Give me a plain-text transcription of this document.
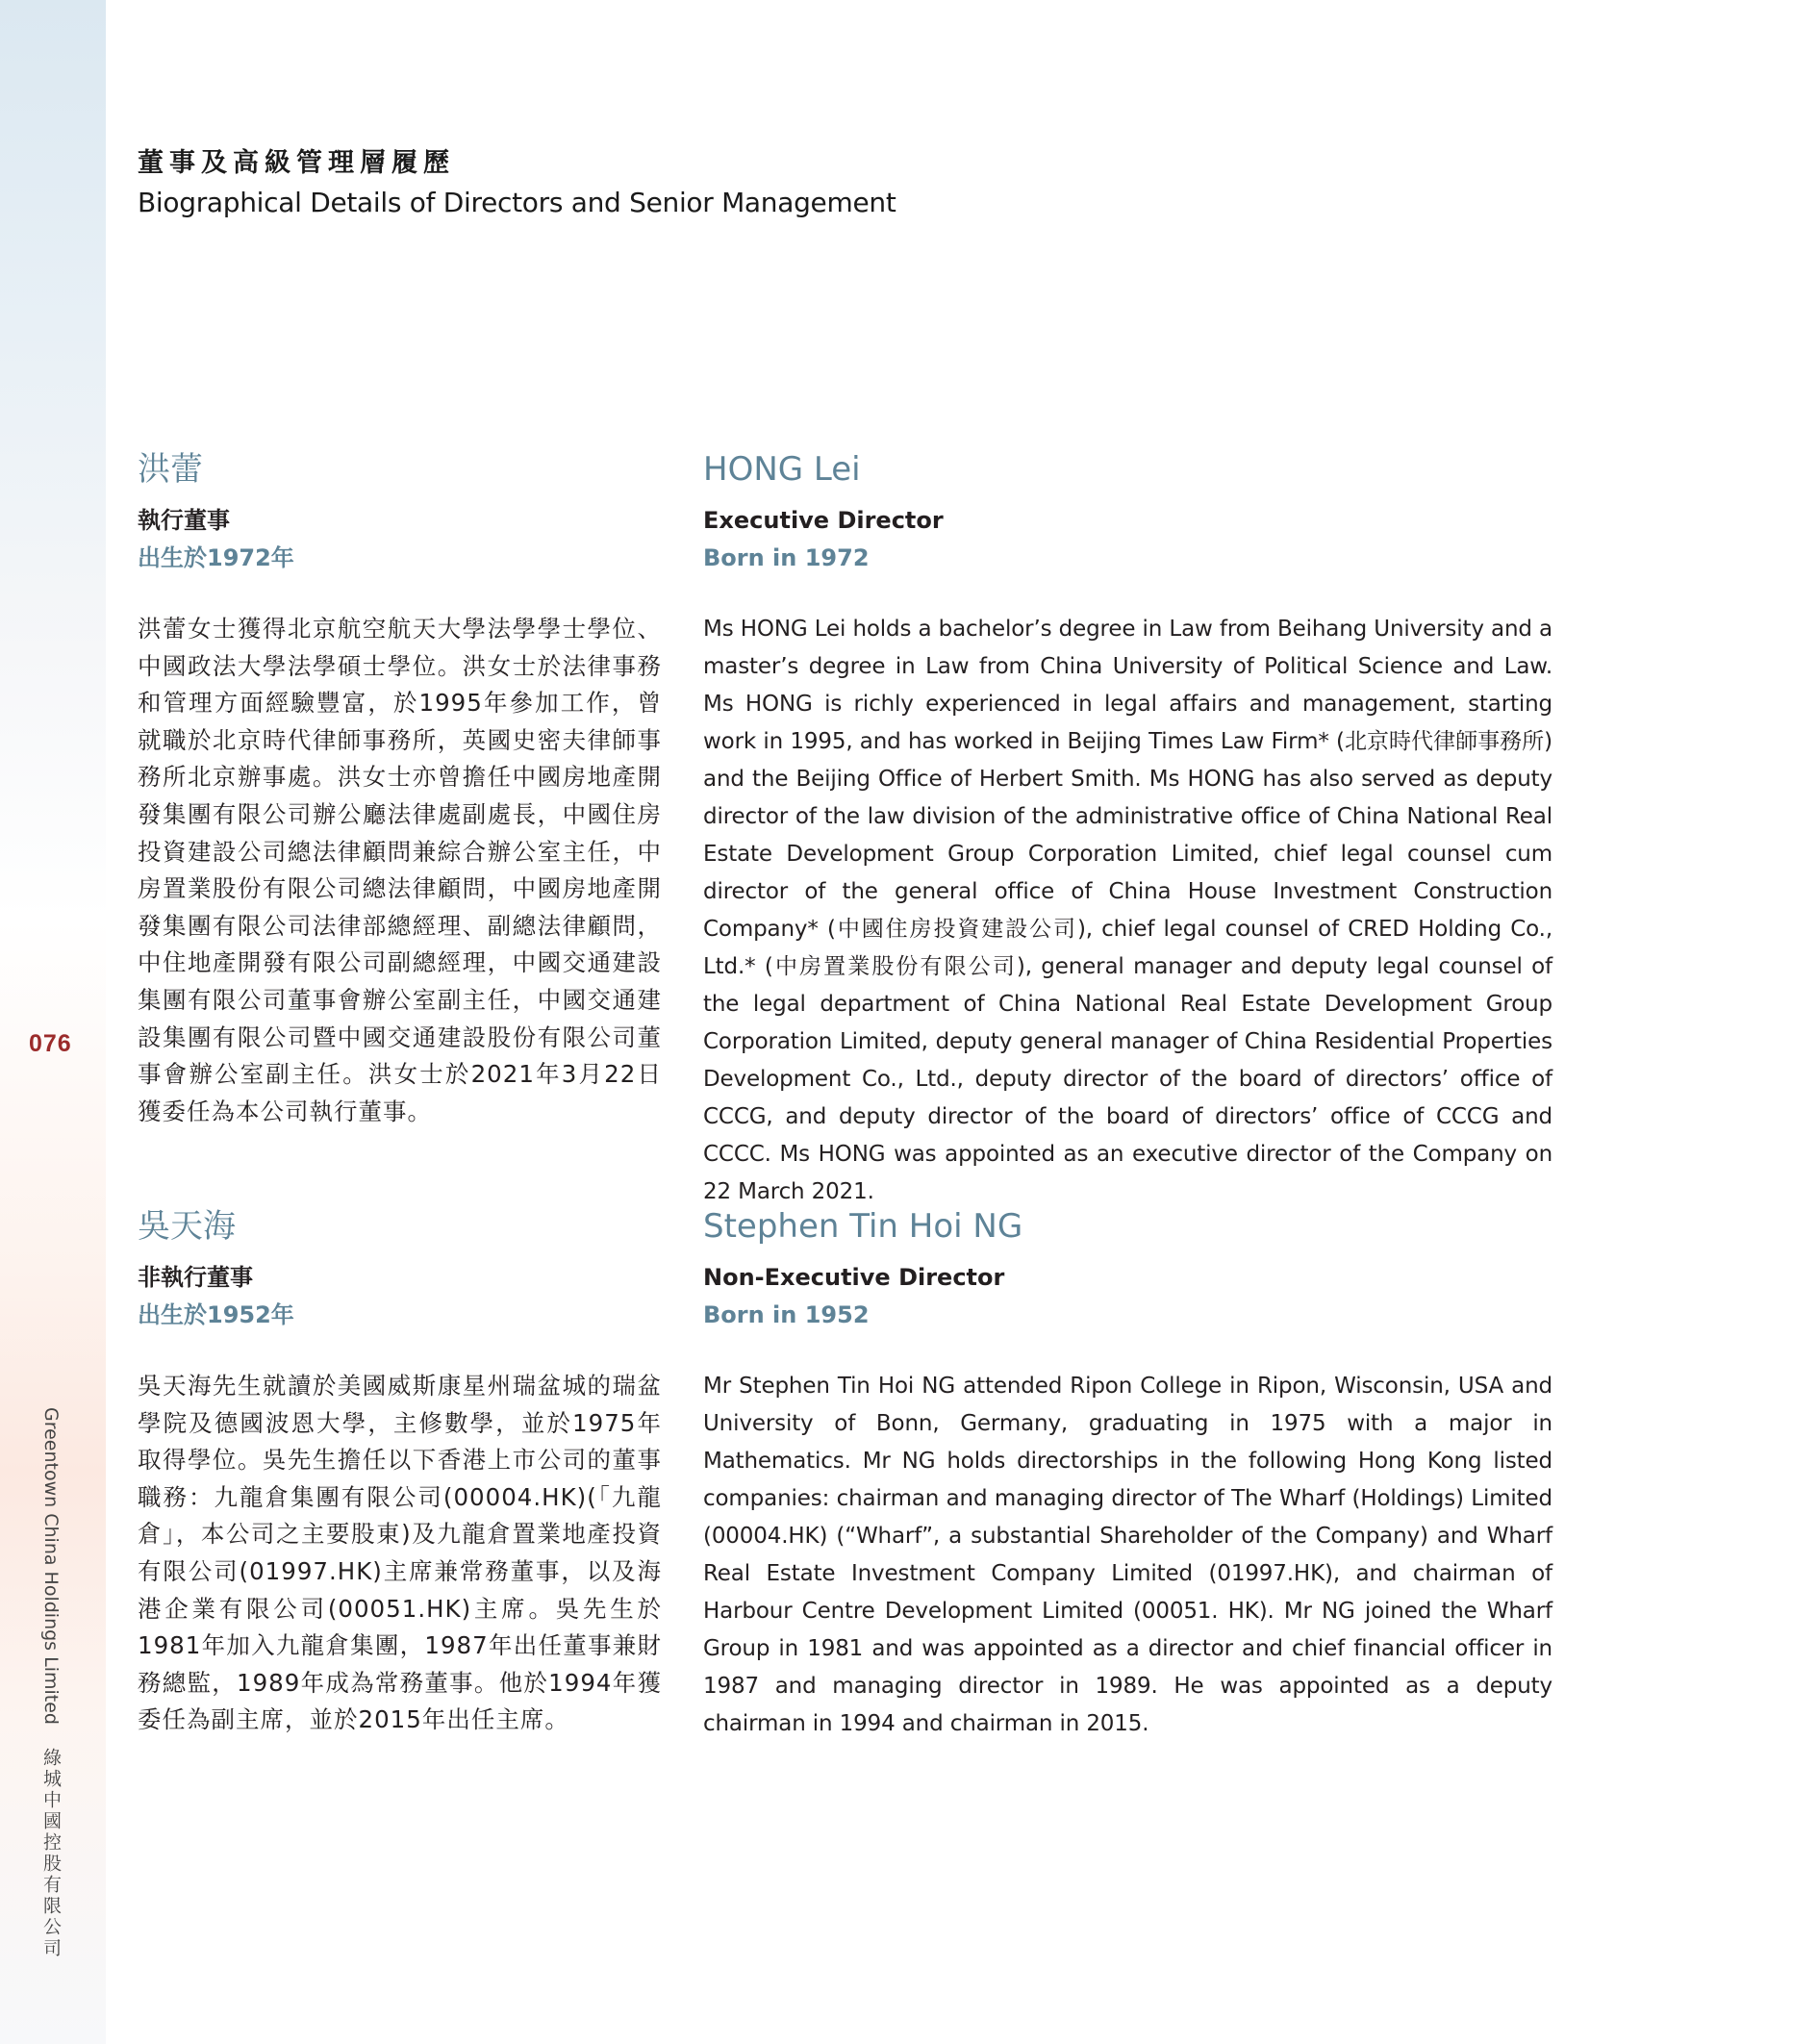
076
Greentown China Holdings Limited 綠城中國控股有限公司
董事及高級管理層履歷
Biographical Details of Directors and Senior Management
洪蕾
執行董事
出生於1972年

洪蕾女士獲得北京航空航天大學法學學士學位、中國政法大學法學碩士學位。洪女士於法律事務和管理方面經驗豐富，於1995年參加工作，曾就職於北京時代律師事務所，英國史密夫律師事務所北京辦事處。洪女士亦曾擔任中國房地產開發集團有限公司辦公廳法律處副處長，中國住房投資建設公司總法律顧問兼綜合辦公室主任，中房置業股份有限公司總法律顧問，中國房地產開發集團有限公司法律部總經理、副總法律顧問，中住地產開發有限公司副總經理，中國交通建設集團有限公司董事會辦公室副主任，中國交通建設集團有限公司暨中國交通建設股份有限公司董事會辦公室副主任。洪女士於2021年3月22日獲委任為本公司執行董事。

HONG Lei
Executive Director
Born in 1972

Ms HONG Lei holds a bachelor’s degree in Law from Beihang University and a master’s degree in Law from China University of Political Science and Law. Ms HONG is richly experienced in legal affairs and management, starting work in 1995, and has worked in Beijing Times Law Firm* (北京時代律師事務所) and the Beijing Office of Herbert Smith. Ms HONG has also served as deputy director of the law division of the administrative office of China National Real Estate Development Group Corporation Limited, chief legal counsel cum director of the general office of China House Investment Construction Company* (中國住房投資建設公司), chief legal counsel of CRED Holding Co., Ltd.* (中房置業股份有限公司), general manager and deputy legal counsel of the legal department of China National Real Estate Development Group Corporation Limited, deputy general manager of China Residential Properties Development Co., Ltd., deputy director of the board of directors’ office of CCCG, and deputy director of the board of directors’ office of CCCG and CCCC. Ms HONG was appointed as an executive director of the Company on 22 March 2021.

吳天海
非執行董事
出生於1952年

吳天海先生就讀於美國威斯康星州瑞盆城的瑞盆學院及德國波恩大學，主修數學，並於1975年取得學位。吳先生擔任以下香港上市公司的董事職務：九龍倉集團有限公司(00004.HK)(「九龍倉」，本公司之主要股東)及九龍倉置業地產投資有限公司(01997.HK)主席兼常務董事，以及海港企業有限公司(00051.HK)主席。吳先生於1981年加入九龍倉集團，1987年出任董事兼財務總監，1989年成為常務董事。他於1994年獲委任為副主席，並於2015年出任主席。

Stephen Tin Hoi NG
Non-Executive Director
Born in 1952

Mr Stephen Tin Hoi NG attended Ripon College in Ripon, Wisconsin, USA and University of Bonn, Germany, graduating in 1975 with a major in Mathematics. Mr NG holds directorships in the following Hong Kong listed companies: chairman and managing director of The Wharf (Holdings) Limited (00004.HK) (“Wharf”, a substantial Shareholder of the Company) and Wharf Real Estate Investment Company Limited (01997.HK), and chairman of Harbour Centre Development Limited (00051. HK). Mr NG joined the Wharf Group in 1981 and was appointed as a director and chief financial officer in 1987 and managing director in 1989. He was appointed as a deputy chairman in 1994 and chairman in 2015.
